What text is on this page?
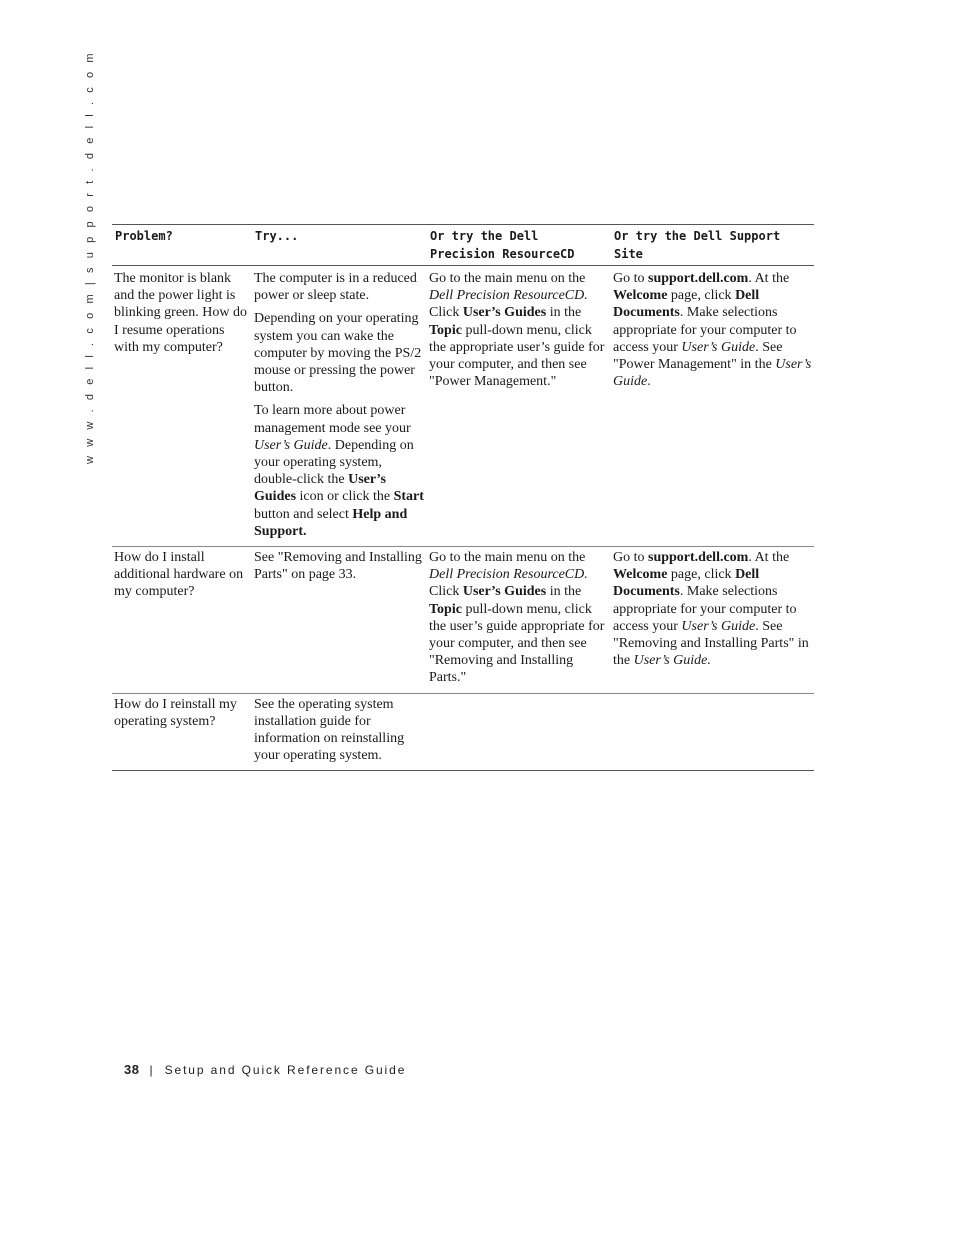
w w w . d e l l . c o m | s u p p o r t . d e l l . c o m Problem?	Try...	Or try the Dell Precision ResourceCD	Or try the Dell Support Site
The monitor is blank and the power light is blinking green. How do I resume operations with my computer?	The computer is in a reduced power or sleep state.

Depending on your operating system you can wake the computer by moving the PS/2 mouse or pressing the power button.

To learn more about power management mode see your User’s Guide. Depending on your operating system, double-click the User’s Guides icon or click the Start button and select Help and Support.	Go to the main menu on the Dell Precision ResourceCD. Click User’s Guides in the Topic pull-down menu, click the appropriate user’s guide for your computer, and then see "Power Management."	Go to support.dell.com. At the Welcome page, click Dell Documents. Make selections appropriate for your computer to access your User’s Guide. See "Power Management" in the User’s Guide.

How do I install additional hardware on my computer?	See "Removing and Installing Parts" on page 33.	Go to the main menu on the Dell Precision ResourceCD. Click User’s Guides in the Topic pull-down menu, click the user’s guide appropriate for your computer, and then see "Removing and Installing Parts."	Go to support.dell.com. At the Welcome page, click Dell Documents. Make selections appropriate for your computer to access your User’s Guide. See "Removing and Installing Parts" in the User’s Guide.

How do I reinstall my operating system?	See the operating system installation guide for information on reinstalling your operating system.		

38 | Setup and Quick Reference Guide
